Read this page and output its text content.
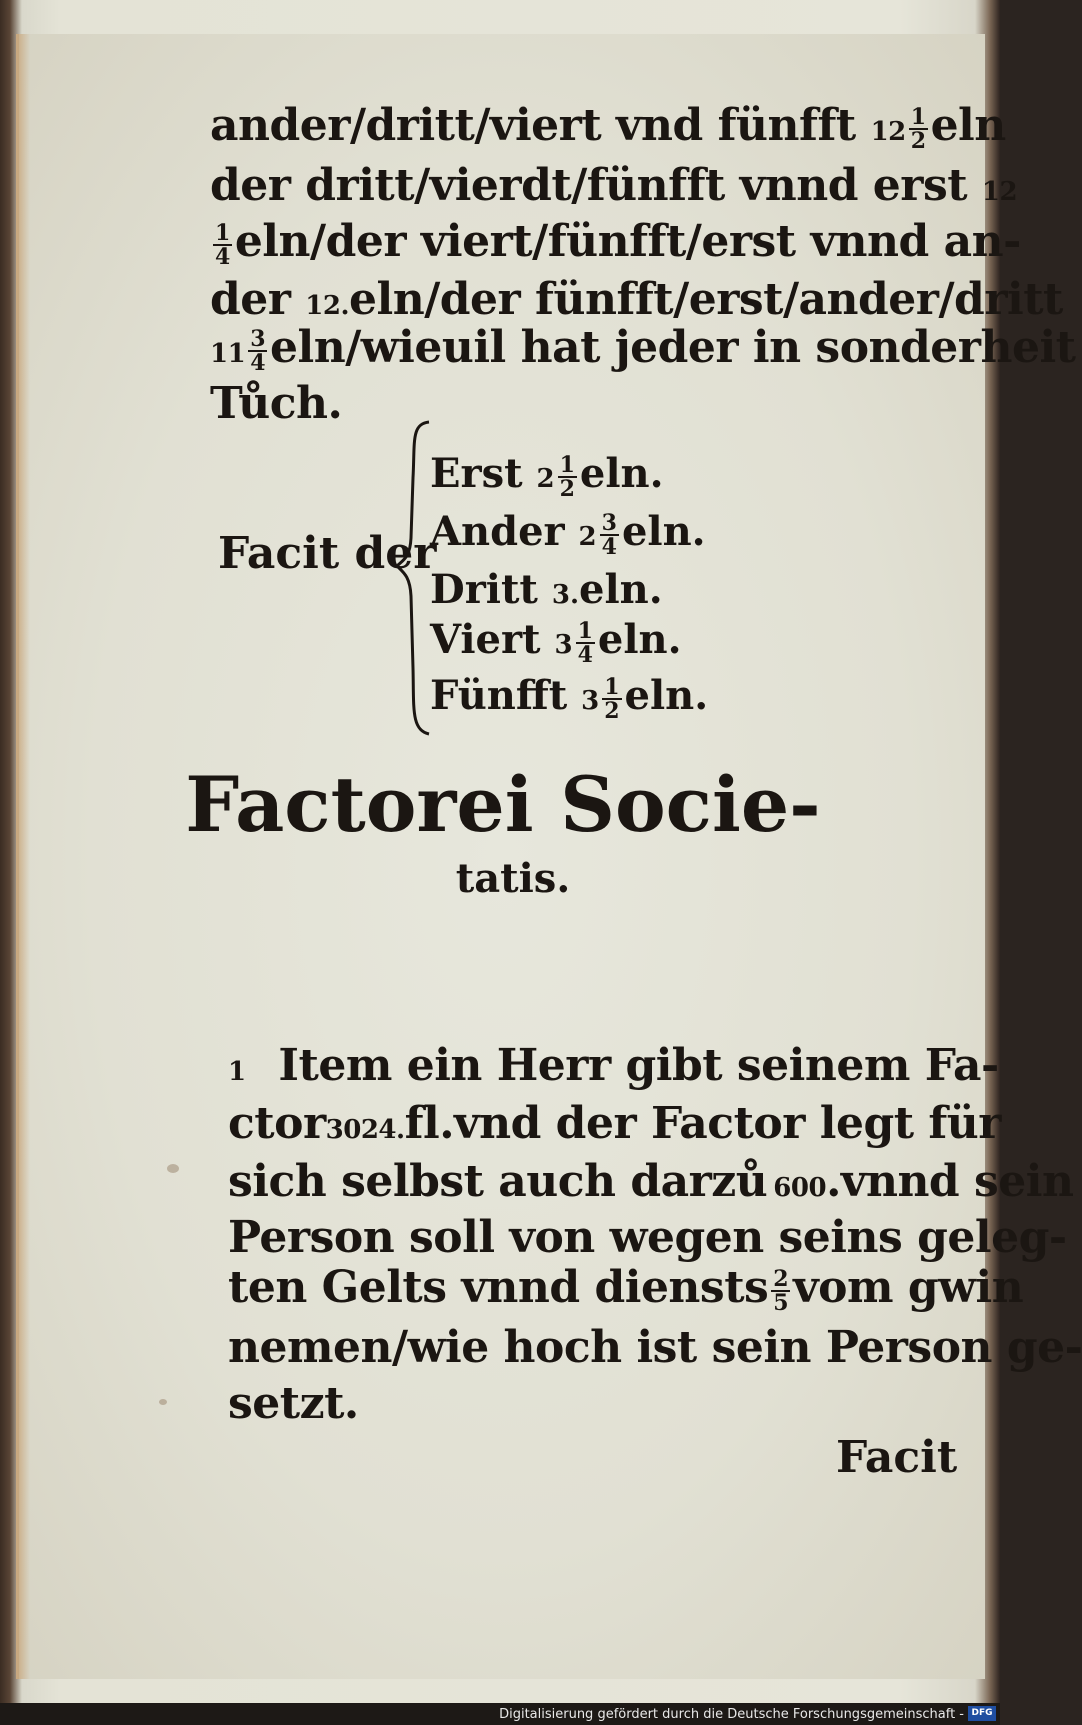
ander/dritt/viert vnd fünfft $12 \frac{1}{2}$ eln
der dritt/vierdt/fünfft vnnd erst 12
$\frac{1}{4} eln/der$ viert/fünfft/erst vnnd an-
der 12.eln/der fünfft/erst/ander/dritt
$11 \frac{3}{4}$ eln/wieuil hat jeder in sonderheit
Tůch.
Facit der
Erst $2 \frac{1}{2} eln$.
Ander $2 \frac{3}{4} eln$.
Dritt 3.eln.
Viert $3 \frac{1}{4} eln$.
Fünfft $3 \frac{1}{2} eln$.
Factorei Socie-
tatis.
1 Item ein Herr gibt seinem Fa-
ctor3024.fl.vnd der Factor legt für
sich selbst auch darzů 600.vnnd sein
Person soll von wegen seins geleg-
ten Gelts vnnd diensts $\frac{2}{5}$ vom gwin
nemen/wie hoch ist sein Person ge-
setzt.
Facit
Digitalisierung gefördert durch die Deutsche Forschungsgemeinschaft - DFG
